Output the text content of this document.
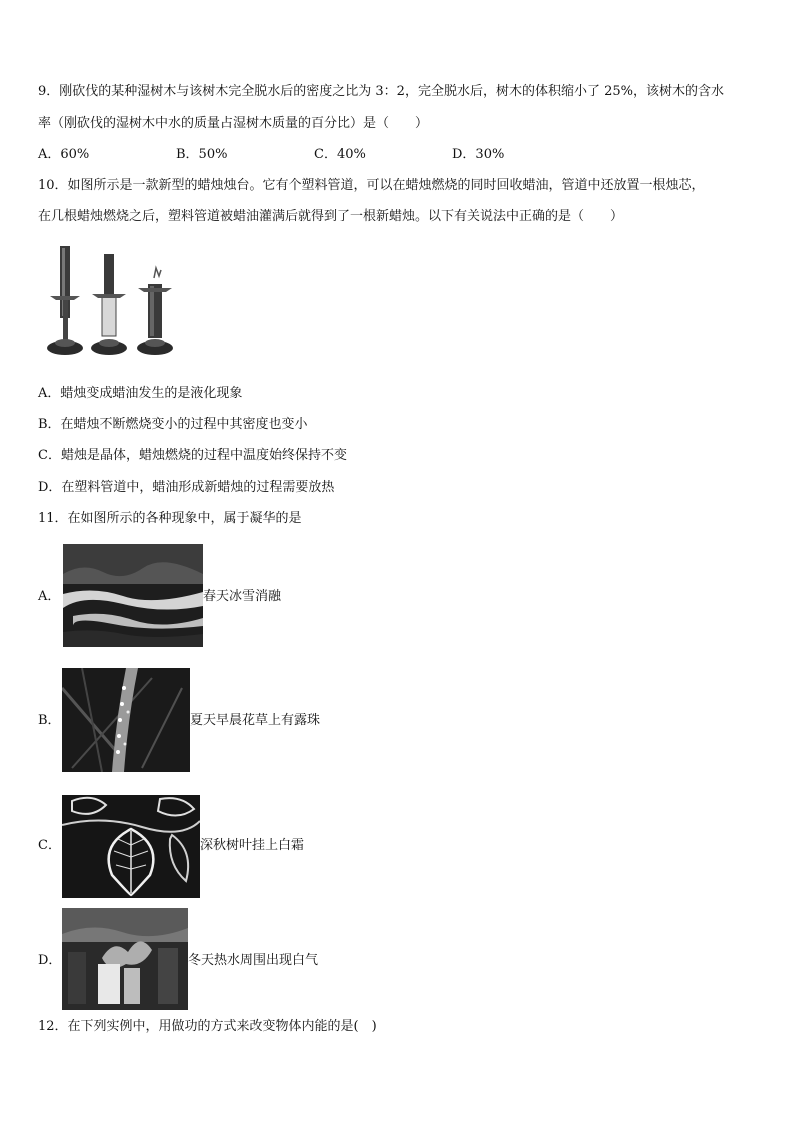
9．刚砍伐的某种湿树木与该树木完全脱水后的密度之比为 3：2，完全脱水后，树木的体积缩小了 25%，该树木的含水
率（刚砍伐的湿树木中水的质量占湿树木质量的百分比）是（　　）
A．60%	B．50%	C．40%	D．30%
10．如图所示是一款新型的蜡烛烛台。它有个塑料管道，可以在蜡烛燃烧的同时回收蜡油，管道中还放置一根烛芯，
在几根蜡烛燃烧之后，塑料管道被蜡油灌满后就得到了一根新蜡烛。以下有关说法中正确的是（　　）
A．蜡烛变成蜡油发生的是液化现象
B．在蜡烛不断燃烧变小的过程中其密度也变小
C．蜡烛是晶体，蜡烛燃烧的过程中温度始终保持不变
D．在塑料管道中，蜡油形成新蜡烛的过程需要放热
11．在如图所示的各种现象中，属于凝华的是
A．	春天冰雪消融
B．	夏天早晨花草上有露珠
C．	深秋树叶挂上白霜
D．	冬天热水周围出现白气
12．在下列实例中，用做功的方式来改变物体内能的是(　)
